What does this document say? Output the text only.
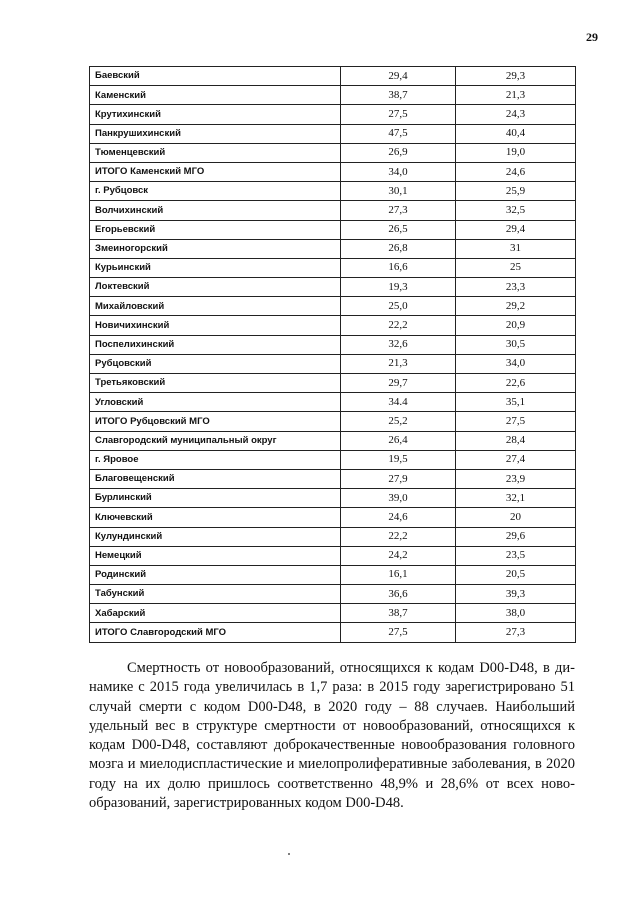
29
Баевский	29,4	29,3
Каменский	38,7	21,3
Крутихинский	27,5	24,3
Панкрушихинский	47,5	40,4
Тюменцевский	26,9	19,0
ИТОГО Каменский МГО	34,0	24,6
г. Рубцовск	30,1	25,9
Волчихинский	27,3	32,5
Егорьевский	26,5	29,4
Змеиногорский	26,8	31
Курьинский	16,6	25
Локтевский	19,3	23,3
Михайловский	25,0	29,2
Новичихинский	22,2	20,9
Поспелихинский	32,6	30,5
Рубцовский	21,3	34,0
Третьяковский	29,7	22,6
Угловский	34.4	35,1
ИТОГО Рубцовский МГО	25,2	27,5
Славгородский муниципальный округ	26,4	28,4
г. Яровое	19,5	27,4
Благовещенский	27,9	23,9
Бурлинский	39,0	32,1
Ключевский	24,6	20
Кулундинский	22,2	29,6
Немецкий	24,2	23,5
Родинский	16,1	20,5
Табунский	36,6	39,3
Хабарский	38,7	38,0
ИТОГО Славгородский МГО	27,5	27,3

Смертность от новообразований, относящихся к кодам D00-D48, в динамике с 2015 года увеличилась в 1,7 раза: в 2015 году зарегистрировано 51 случай смерти с кодом D00-D48, в 2020 году – 88 случаев. Наибольший удельный вес в структуре смертности от новообразований, относящихся к кодам D00-D48, составляют доброкачественные новообразования головного мозга и миелодиспластические и миелопролиферативные заболевания, в 2020 году на их долю пришлось соответственно 48,9% и 28,6% от всех новообразований, зарегистрированных кодом D00-D48.
